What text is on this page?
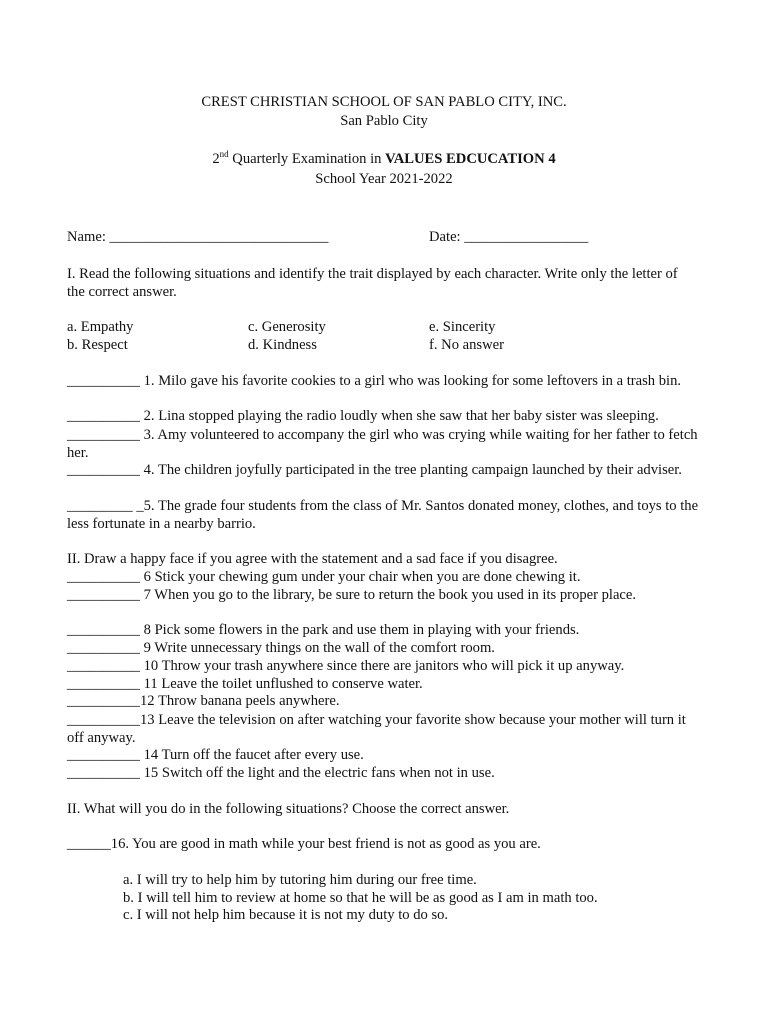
CREST CHRISTIAN SCHOOL OF SAN PABLO CITY, INC.
San Pablo City
2nd Quarterly Examination in VALUES EDCUCATION 4
School Year 2021-2022
Name: ______________________________	Date: _________________
I. Read the following situations and identify the trait displayed by each character. Write only the letter of the correct answer.
a. Empathy
b. Respect
c. Generosity
d. Kindness
e. Sincerity
f. No answer
__________ 1. Milo gave his favorite cookies to a girl who was looking for some leftovers in a trash bin.
__________ 2. Lina stopped playing the radio loudly when she saw that her baby sister was sleeping.
__________ 3. Amy volunteered to accompany the girl who was crying while waiting for her father to fetch her.
__________ 4. The children joyfully participated in the tree planting campaign launched by their adviser.
_________ _5. The grade four students from the class of Mr. Santos donated money, clothes, and toys to the less fortunate in a nearby barrio.
II. Draw a happy face if you agree with the statement and a sad face if you disagree.
__________ 6 Stick your chewing gum under your chair when you are done chewing it.
__________ 7 When you go to the library, be sure to return the book you used in its proper place.
__________ 8 Pick some flowers in the park and use them in playing with your friends.
__________ 9 Write unnecessary things on the wall of the comfort room.
__________ 10 Throw your trash anywhere since there are janitors who will pick it up anyway.
__________ 11 Leave the toilet unflushed to conserve water.
__________12 Throw banana peels anywhere.
__________13 Leave the television on after watching your favorite show because your mother will turn it off anyway.
__________ 14 Turn off the faucet after every use.
__________ 15 Switch off the light and the electric fans when not in use.
II. What will you do in the following situations? Choose the correct answer.
______16. You are good in math while your best friend is not as good as you are.
a. I will try to help him by tutoring him during our free time.
b. I will tell him to review at home so that he will be as good as I am in math too.
c. I will not help him because it is not my duty to do so.
